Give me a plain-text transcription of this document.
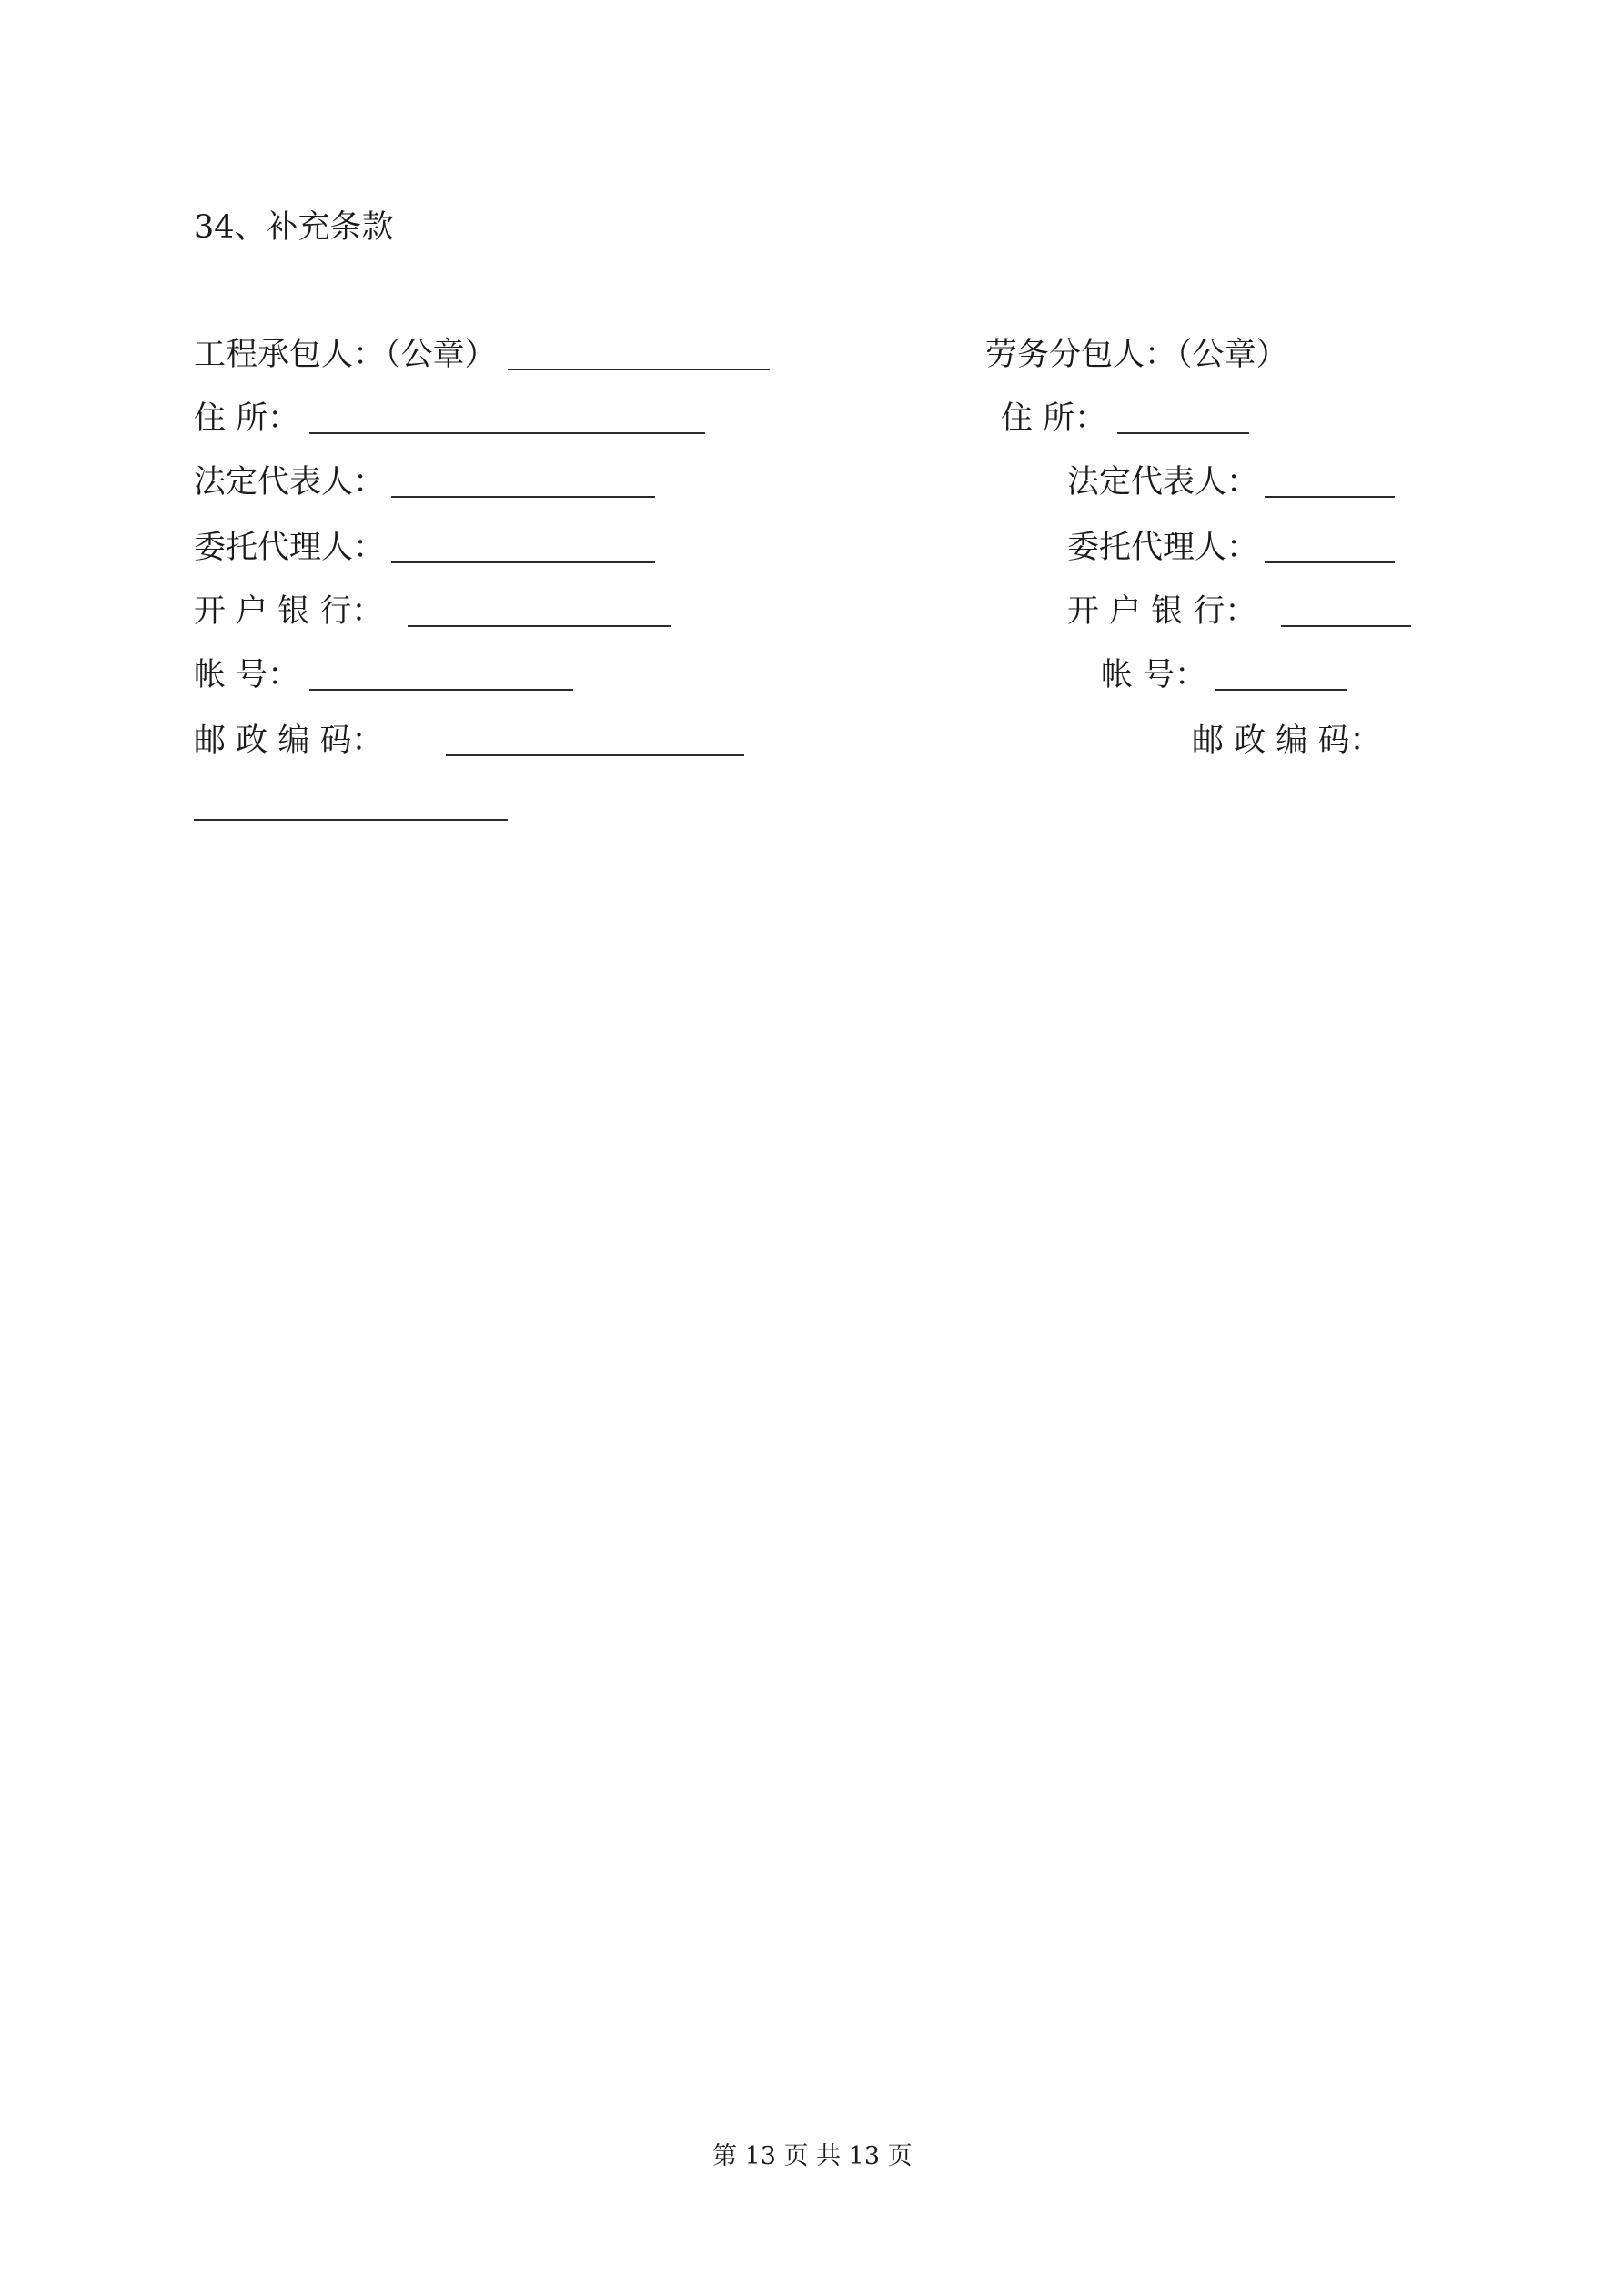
34、补充条款
工程承包人：（公章）
住 所：
法定代表人：
委托代理人：
开 户 银 行：
帐 号：
邮 政 编 码：
劳务分包人：（公章）
住 所：
法定代表人：
委托代理人：
开 户 银 行：
帐 号：
邮 政 编 码：
第 13 页 共 13 页
